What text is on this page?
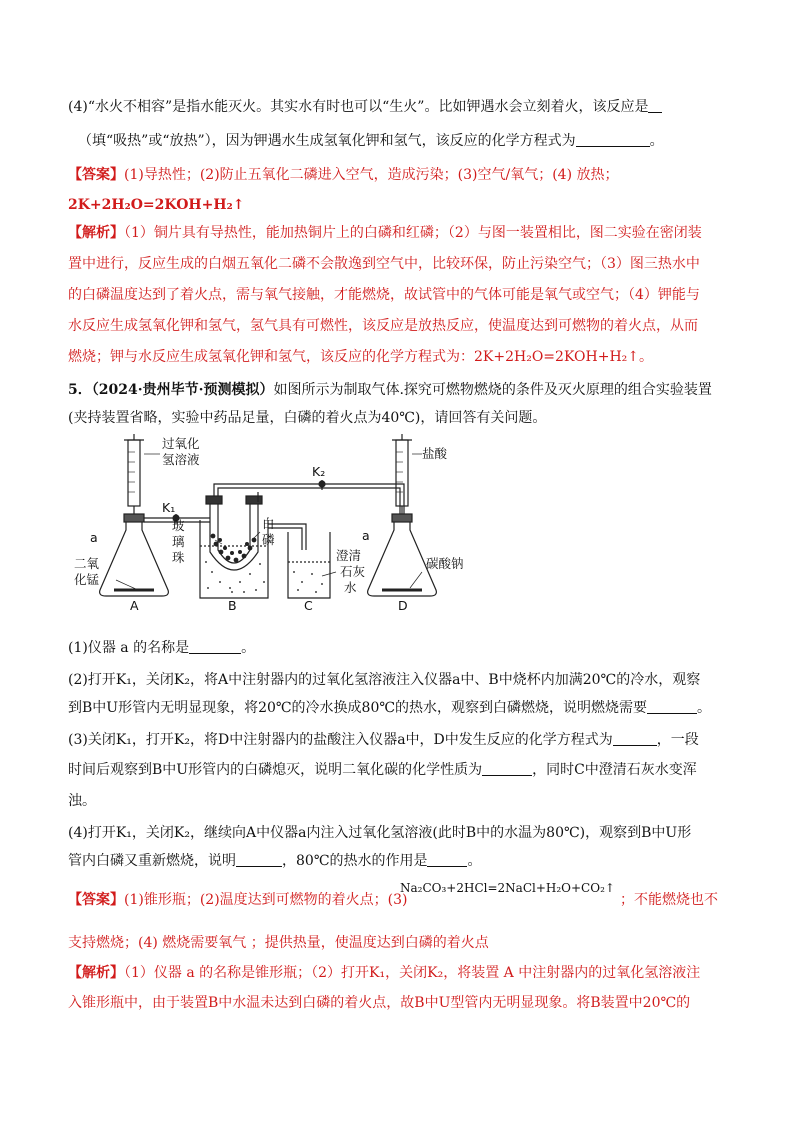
(4)“水火不相容”是指水能灭火。其实水有时也可以“生火”。比如钾遇水会立刻着火，该反应是
（填“吸热”或“放热”），因为钾遇水生成氢氧化钾和氢气，该反应的化学方程式为	。
【答案】(1)导热性；(2)防止五氧化二磷进入空气，造成污染；(3)空气/氧气；(4) 放热；
2K+2H₂O=2KOH+H₂↑
【解析】（1）铜片具有导热性，能加热铜片上的白磷和红磷；（2）与图一装置相比，图二实验在密闭装
置中进行，反应生成的白烟五氧化二磷不会散逸到空气中，比较环保，防止污染空气；（3）图三热水中
的白磷温度达到了着火点，需与氧气接触，才能燃烧，故试管中的气体可能是氧气或空气；（4）钾能与
水反应生成氢氧化钾和氢气，氢气具有可燃性，该反应是放热反应，使温度达到可燃物的着火点，从而
燃烧；钾与水反应生成氢氧化钾和氢气，该反应的化学方程式为：2K+2H₂O=2KOH+H₂↑。
5．（2024·贵州毕节·预测模拟）如图所示为制取气体.探究可燃物燃烧的条件及灭火原理的组合实验装置
(夹持装置省略，实验中药品足量，白磷的着火点为40℃)，请回答有关问题。
过氧化
氢溶液	盐酸
K₁
K₂
a	a
二氧
化锰
玻
璃
珠
白
磷
澄清
石灰
水
碳酸钠
A	B	C	D
(1)仪器 a 的名称是	。
(2)打开K₁，关闭K₂，将A中注射器内的过氧化氢溶液注入仪器a中、B中烧杯内加满20℃的冷水，观察
到B中U形管内无明显现象，将20℃的冷水换成80℃的热水，观察到白磷燃烧，说明燃烧需要	。
(3)关闭K₁，打开K₂，将D中注射器内的盐酸注入仪器a中，D中发生反应的化学方程式为	，一段
时间后观察到B中U形管内的白磷熄灭，说明二氧化碳的化学性质为	，同时C中澄清石灰水变浑
浊。
(4)打开K₁，关闭K₂，继续向A中仪器a内注入过氧化氢溶液(此时B中的水温为80℃)，观察到B中U形
管内白磷又重新燃烧，说明	，80℃的热水的作用是	。
【答案】(1)锥形瓶；(2)温度达到可燃物的着火点；(3)
Na₂CO₃+2HCl=2NaCl+H₂O+CO₂↑
；不能燃烧也不
支持燃烧；(4) 燃烧需要氧气 ；提供热量，使温度达到白磷的着火点
【解析】（1）仪器 a 的名称是锥形瓶；（2）打开K₁，关闭K₂，将装置 A 中注射器内的过氧化氢溶液注
入锥形瓶中，由于装置B中水温未达到白磷的着火点，故B中U型管内无明显现象。将B装置中20℃的
